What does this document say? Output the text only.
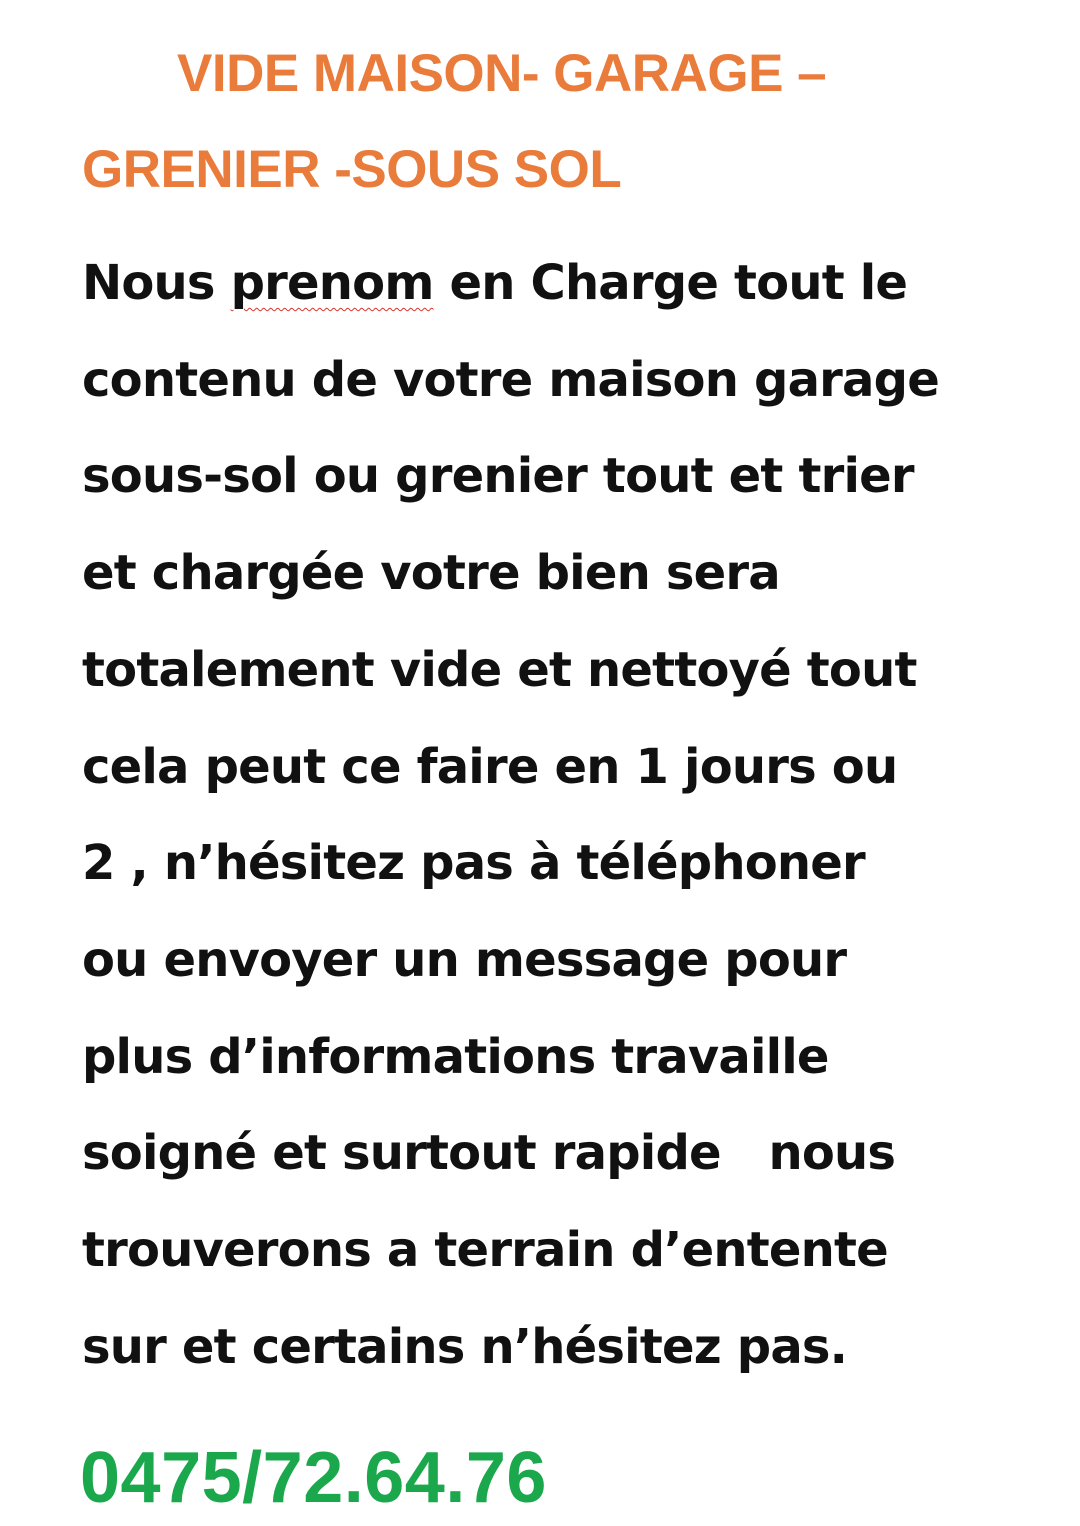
VIDE MAISON- GARAGE –
GRENIER -SOUS SOL
Nous prenom en Charge tout le
contenu de votre maison garage
sous-sol ou grenier tout et trier
et chargée votre bien sera
totalement vide et nettoyé tout
cela peut ce faire en 1 jours ou
2 , n’hésitez pas à téléphoner
ou envoyer un message pour
plus d’informations travaille
soigné et surtout rapide   nous
trouverons a terrain d’entente
sur et certains n’hésitez pas.
0475/72.64.76
